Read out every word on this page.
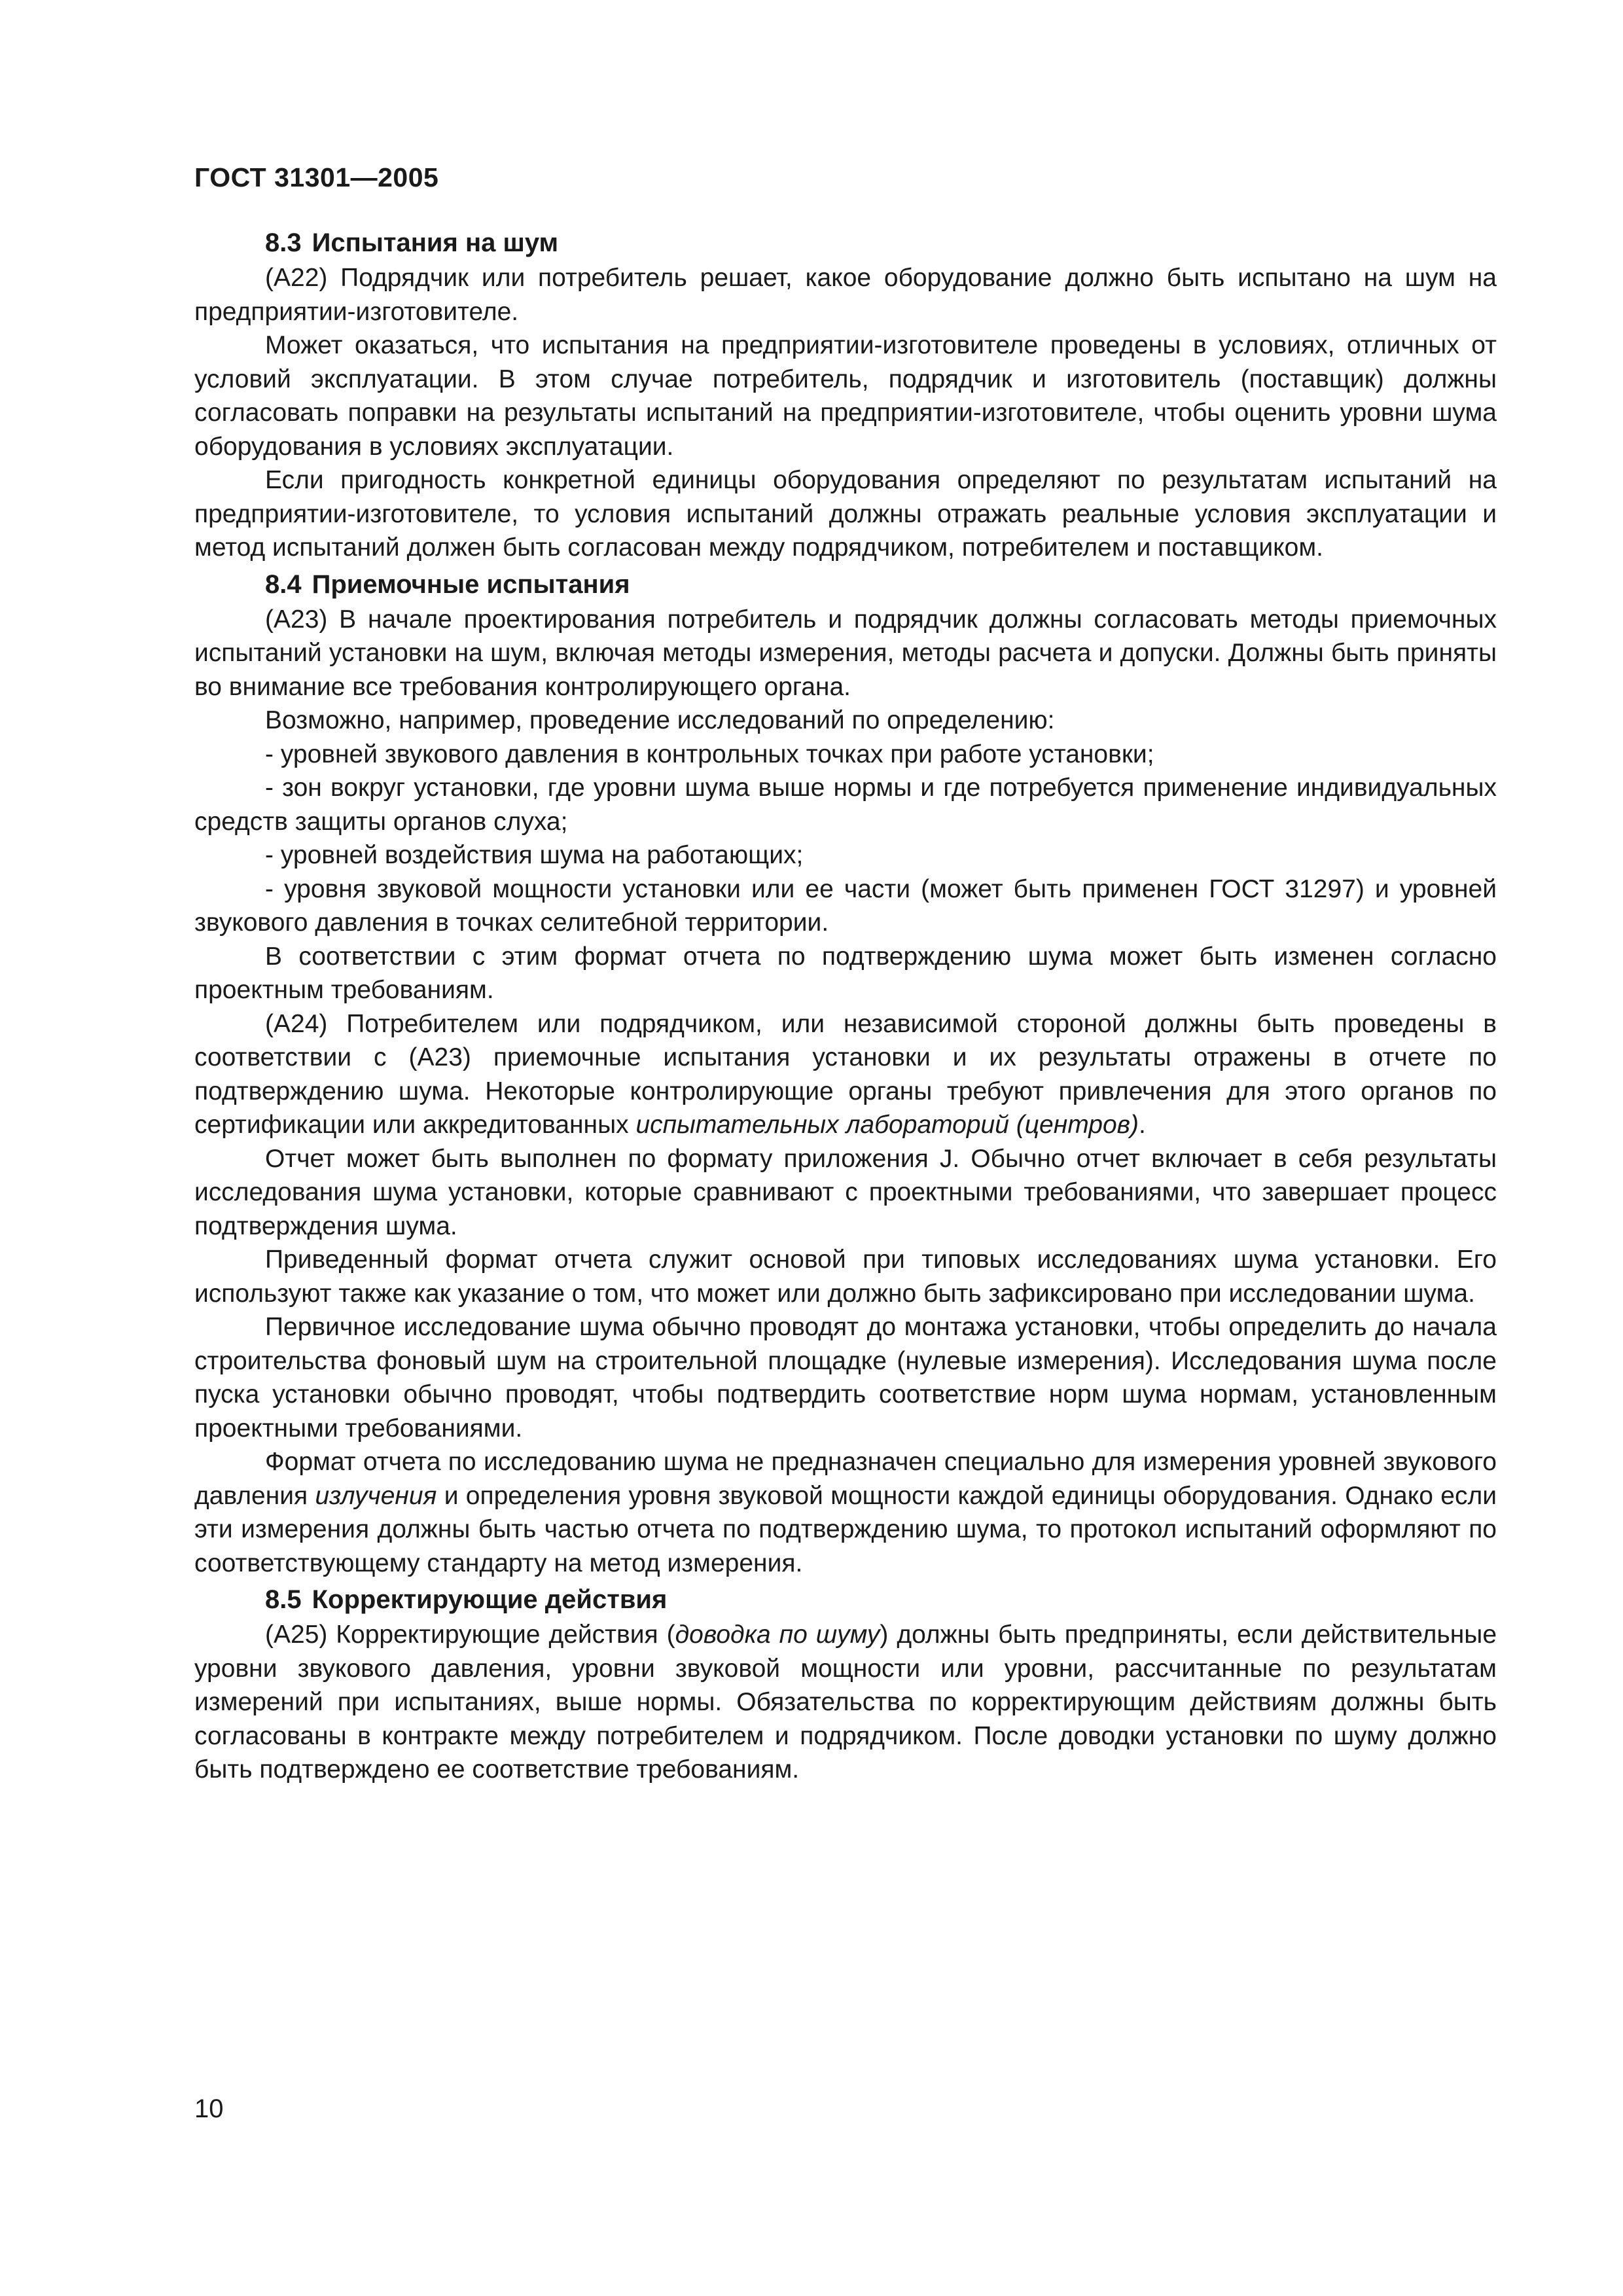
ГОСТ 31301—2005
8.3 Испытания на шум

(А22) Подрядчик или потребитель решает, какое оборудование должно быть испытано на шум на предприятии-изготовителе.

Может оказаться, что испытания на предприятии-изготовителе проведены в условиях, отличных от условий эксплуатации. В этом случае потребитель, подрядчик и изготовитель (поставщик) должны согласовать поправки на результаты испытаний на предприятии-изготовителе, чтобы оценить уровни шума оборудования в условиях эксплуатации.

Если пригодность конкретной единицы оборудования определяют по результатам испытаний на предприятии-изготовителе, то условия испытаний должны отражать реальные условия эксплуатации и метод испытаний должен быть согласован между подрядчиком, потребителем и поставщиком.

8.4 Приемочные испытания

(А23) В начале проектирования потребитель и подрядчик должны согласовать методы приемочных испытаний установки на шум, включая методы измерения, методы расчета и допуски. Должны быть приняты во внимание все требования контролирующего органа.

Возможно, например, проведение исследований по определению:

- уровней звукового давления в контрольных точках при работе установки;

- зон вокруг установки, где уровни шума выше нормы и где потребуется применение индивидуальных средств защиты органов слуха;

- уровней воздействия шума на работающих;

- уровня звуковой мощности установки или ее части (может быть применен ГОСТ 31297) и уровней звукового давления в точках селитебной территории.

В соответствии с этим формат отчета по подтверждению шума может быть изменен согласно проектным требованиям.

(А24) Потребителем или подрядчиком, или независимой стороной должны быть проведены в соответствии с (А23) приемочные испытания установки и их результаты отражены в отчете по подтверждению шума. Некоторые контролирующие органы требуют привлечения для этого органов по сертификации или аккредитованных испытательных лабораторий (центров).

Отчет может быть выполнен по формату приложения J. Обычно отчет включает в себя результаты исследования шума установки, которые сравнивают с проектными требованиями, что завершает процесс подтверждения шума.

Приведенный формат отчета служит основой при типовых исследованиях шума установки. Его используют также как указание о том, что может или должно быть зафиксировано при исследовании шума.

Первичное исследование шума обычно проводят до монтажа установки, чтобы определить до начала строительства фоновый шум на строительной площадке (нулевые измерения). Исследования шума после пуска установки обычно проводят, чтобы подтвердить соответствие норм шума нормам, установленным проектными требованиями.

Формат отчета по исследованию шума не предназначен специально для измерения уровней звукового давления излучения и определения уровня звуковой мощности каждой единицы оборудования. Однако если эти измерения должны быть частью отчета по подтверждению шума, то протокол испытаний оформляют по соответствующему стандарту на метод измерения.

8.5 Корректирующие действия

(А25) Корректирующие действия (доводка по шуму) должны быть предприняты, если действительные уровни звукового давления, уровни звуковой мощности или уровни, рассчитанные по результатам измерений при испытаниях, выше нормы. Обязательства по корректирующим действиям должны быть согласованы в контракте между потребителем и подрядчиком. После доводки установки по шуму должно быть подтверждено ее соответствие требованиям.

10
